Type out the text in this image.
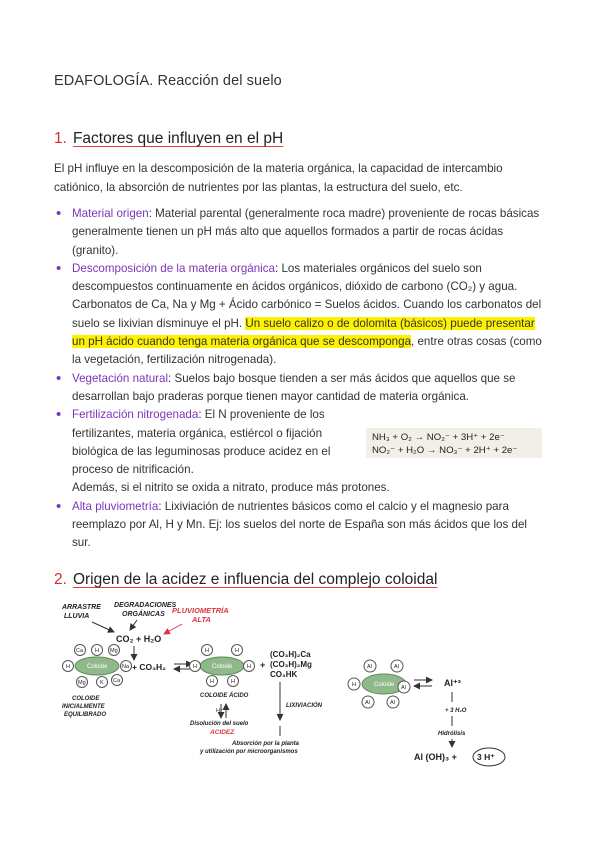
EDAFOLOGÍA. Reacción del suelo
1. Factores que influyen en el pH
El pH influye en la descomposición de la materia orgánica, la capacidad de intercambio catiónico, la absorción de nutrientes por las plantas, la estructura del suelo, etc.
• Material origen: Material parental (generalmente roca madre) proveniente de rocas básicas generalmente tienen un pH más alto que aquellos formados a partir de rocas ácidas (granito).
• Descomposición de la materia orgánica: Los materiales orgánicos del suelo son descompuestos continuamente en ácidos orgánicos, dióxido de carbono (CO₂) y agua. Carbonatos de Ca, Na y Mg + Ácido carbónico = Suelos ácidos. Cuando los carbonatos del suelo se lixivian disminuye el pH. Un suelo calizo o de dolomita (básicos) puede presentar un pH ácido cuando tenga materia orgánica que se descomponga, entre otras cosas (como la vegetación, fertilización nitrogenada).
• Vegetación natural: Suelos bajo bosque tienden a ser más ácidos que aquellos que se desarrollan bajo praderas porque tienen mayor cantidad de materia orgánica.
• Fertilización nitrogenada: El N proveniente de los fertilizantes, materia orgánica, estiércol o fijación biológica de las leguminosas produce acidez en el proceso de nitrificación.
Además, si el nitrito se oxida a nitrato, produce más protones.
• Alta pluviometría: Lixiviación de nutrientes básicos como el calcio y el magnesio para reemplazo por Al, H y Mn. Ej: los suelos del norte de España son más ácidos que los del sur.
NH₃ + O₂ → NO₂⁻ + 3H⁺ + 2e⁻
NO₂⁻ + H₂O → NO₃⁻ + 2H⁺ + 2e⁻
2. Origen de la acidez e influencia del complejo coloidal
ARRASTRE
LLUVIA
DEGRADACIONES
ORGÁNICAS PLUVIOMETRÍA
ALTA
CO₂ + H₂O
Coloide
Ca H Mg
H	Na
Mg	K Ca
+ CO₃H₂
COLOIDE
INICIALMENTE
EQUILIBRADO
Coloide
H	H
H	H
H	H
COLOIDE ÁCIDO
H⁺
Disolución del suelo
ACIDEZ
+
(CO₃H)₂Ca
(CO₃H)₂Mg
CO₃HK
LIXIVIACIÓN
Absorción por la planta
y utilización por microorganismos
Coloide
Al	Al
H	Al
Al	Al
Al⁺³
+ 3 H₂O
Hidrólisis
Al (OH)₃ + 3 H⁺
